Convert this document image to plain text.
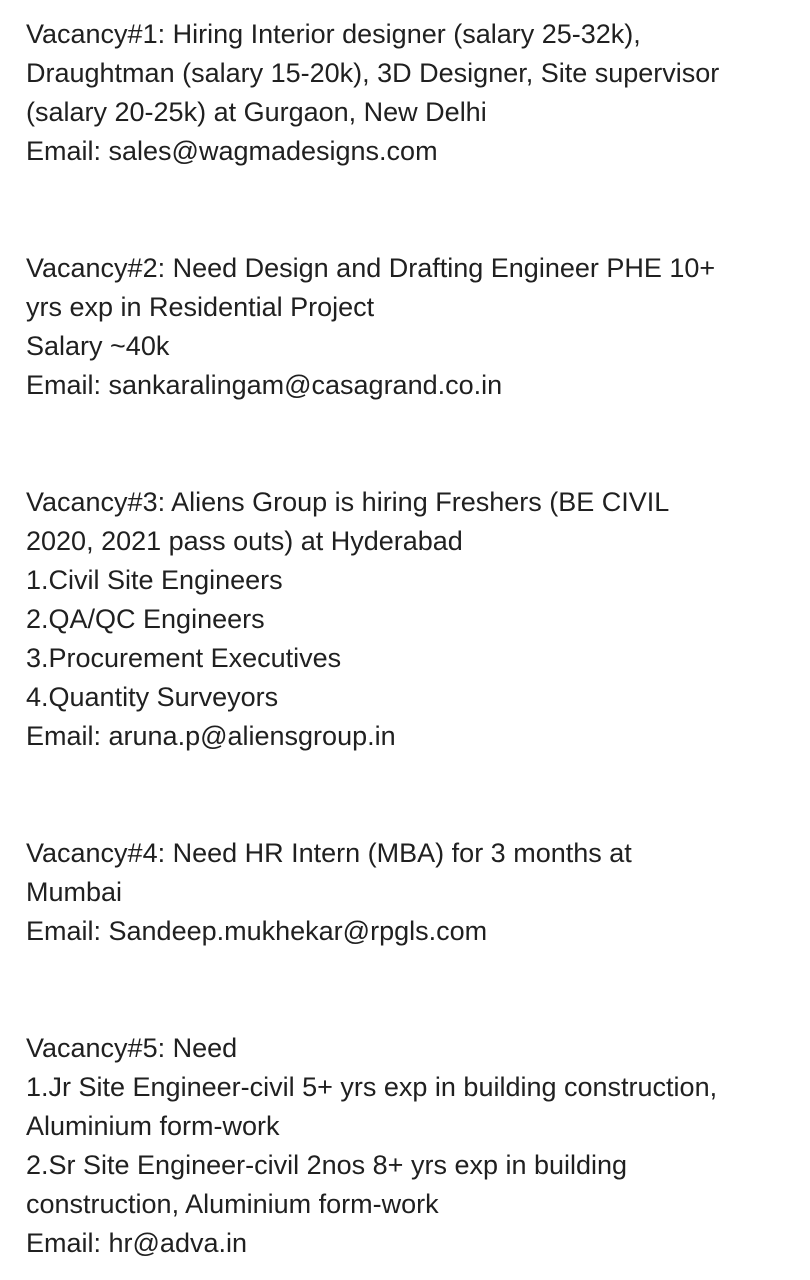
Vacancy#1: Hiring Interior designer (salary 25-32k),
Draughtman (salary 15-20k), 3D Designer, Site supervisor
(salary 20-25k) at Gurgaon, New Delhi
Email: sales@wagmadesigns.com
Vacancy#2: Need Design and Drafting Engineer PHE 10+
yrs exp in Residential Project
Salary ~40k
Email: sankaralingam@casagrand.co.in
Vacancy#3: Aliens Group is hiring Freshers (BE CIVIL
2020, 2021 pass outs) at Hyderabad
1.Civil Site Engineers
2.QA/QC Engineers
3.Procurement Executives
4.Quantity Surveyors
Email: aruna.p@aliensgroup.in
Vacancy#4: Need HR Intern (MBA) for 3 months at
Mumbai
Email: Sandeep.mukhekar@rpgls.com
Vacancy#5: Need
1.Jr Site Engineer-civil 5+ yrs exp in building construction,
Aluminium form-work
2.Sr Site Engineer-civil 2nos 8+ yrs exp in building
construction, Aluminium form-work
Email: hr@adva.in
